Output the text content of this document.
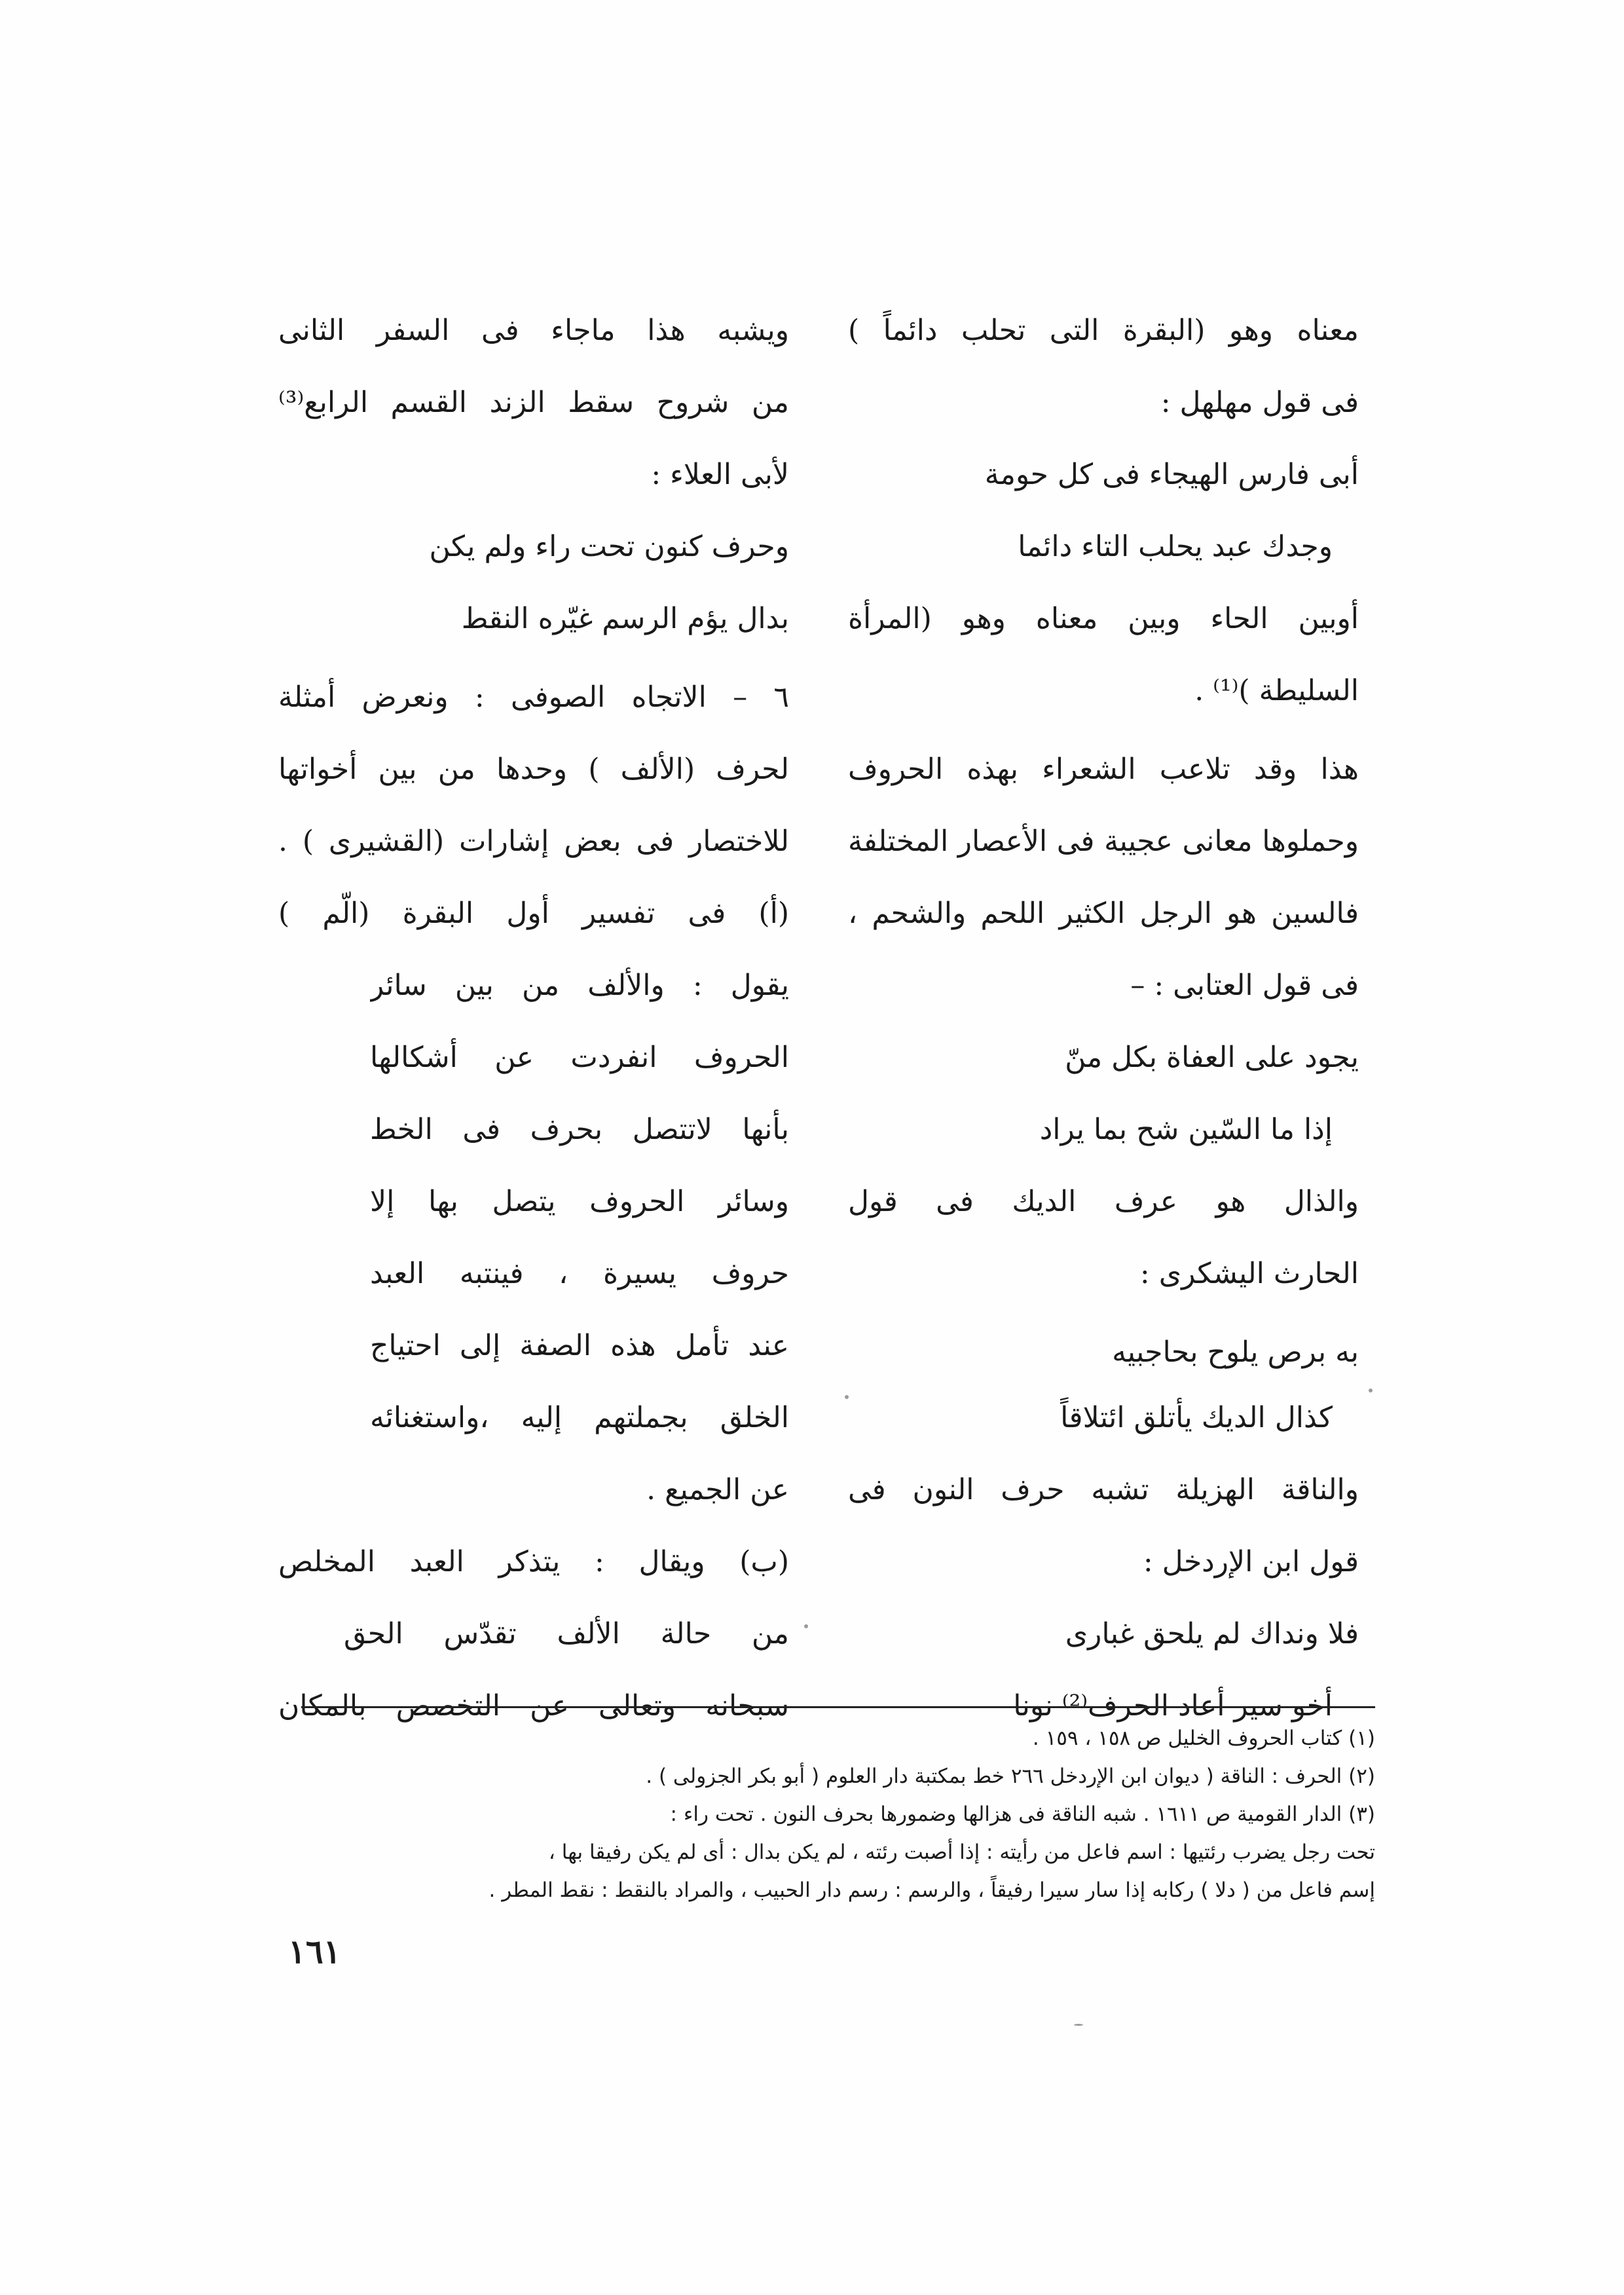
معناه وهو (البقرة التى تحلب دائماً )
فى قول مهلهل :
أبى فارس الهيجاء فى كل حومة
وجدك عبد يحلب التاء دائما
أوبين الحاء وبين معناه وهو (المرأة
السليطة )⁽¹⁾ .
هذا وقد تلاعب الشعراء بهذه الحروف
وحملوها معانى عجيبة فى الأعصار المختلفة
فالسين هو الرجل الكثير اللحم والشحم ،
فى قول العتابى : –
يجود على العفاة بكل منّ
إذا ما السّين شح بما يراد
والذال هو عرف الديك فى قول
الحارث اليشكرى :
به برص يلوح بحاجبيه
كذال الديك يأتلق ائتلاقاً
والناقة الهزيلة تشبه حرف النون فى
قول ابن الإردخل :
فلا ونداك لم يلحق غبارى
أخو سير أعاد الحرف⁽²⁾ نونا
ويشبه هذا ماجاء فى السفر الثانى
من شروح سقط الزند القسم الرابع⁽³⁾
لأبى العلاء :
وحرف كنون تحت راء ولم يكن
بدال يؤم الرسم غيّره النقط
٦ – الاتجاه الصوفى : ونعرض أمثلة
لحرف (الألف ) وحدها من بين أخواتها
للاختصار فى بعض إشارات (القشيرى ) .
(أ) فى تفسير أول البقرة (الّم )
يقول : والألف من بين سائر
الحروف انفردت عن أشكالها
بأنها لاتتصل بحرف فى الخط
وسائر الحروف يتصل بها إلا
حروف يسيرة ، فينتبه العبد
عند تأمل هذه الصفة إلى احتياج
الخلق بجملتهم إليه ،واستغنائه
عن الجميع .
(ب) ويقال : يتذكر العبد المخلص
من حالة الألف تقدّس الحق
سبحانه وتعالى عن التخصص بالمكان
(١) كتاب الحروف الخليل ص ١٥٨ ، ١٥٩ .
(٢) الحرف : الناقة ( ديوان ابن الإردخل ٢٦٦ خط بمكتبة دار العلوم ( أبو بكر الجزولى ) .
(٣) الدار القومية ص ١٦١١ . شبه الناقة فى هزالها وضمورها بحرف النون . تحت راء :
تحت رجل يضرب رئتيها : اسم فاعل من رأيته : إذا أصبت رئته ، لم يكن بدال : أى لم يكن رفيقا بها ،
إسم فاعل من ( دلا ) ركابه إذا سار سيرا رفيقاً ، والرسم : رسم دار الحبيب ، والمراد بالنقط : نقط المطر .
١٦١
